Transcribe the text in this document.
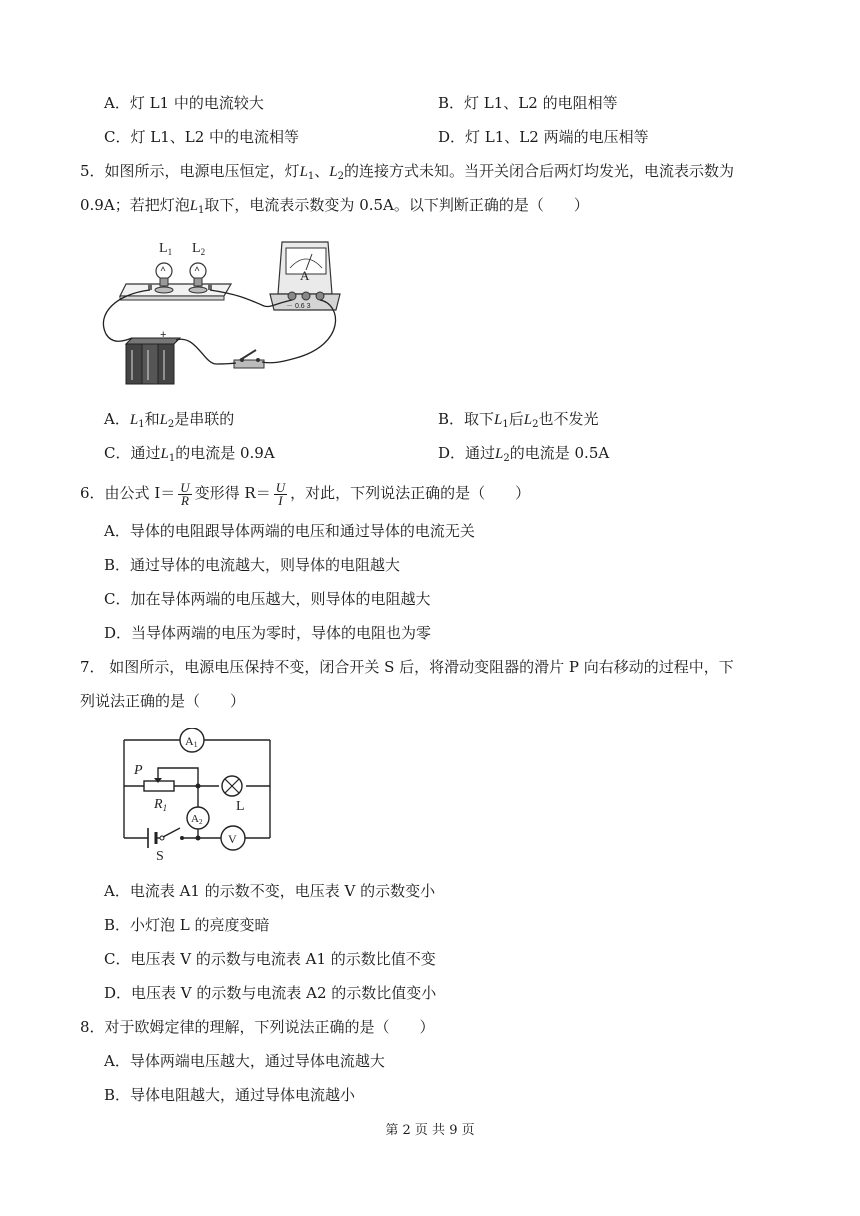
A．灯 L1 中的电流较大	B．灯 L1、L2 的电阻相等
C．灯 L1、L2 中的电流相等	D．灯 L1、L2 两端的电压相等
5．如图所示，电源电压恒定，灯$L_1$、$L_2$的连接方式未知。当开关闭合后两灯均发光，电流表示数为
0.9A；若把灯泡$L_1$取下，电流表示数变为 0.5A。以下判断正确的是（　　）
$L_1$ $L_2$
A
－ 0.6 3
+
A．$L_1$和$L_2$是串联的	B．取下$L_1$后$L_2$也不发光
C．通过$L_1$的电流是 0.9A	D．通过$L_2$的电流是 0.5A
6．由公式 $I= \frac{U}{R}$ 变形得 $R= \frac{U}{I}$ ，对此，下列说法正确的是（　　）
A．导体的电阻跟导体两端的电压和通过导体的电流无关
B．通过导体的电流越大，则导体的电阻越大
C．加在导体两端的电压越大，则导体的电阻越大
D．当导体两端的电压为零时，导体的电阻也为零
7． 如图所示，电源电压保持不变，闭合开关 S 后，将滑动变阻器的滑片 P 向右移动的过程中，下
列说法正确的是（　　）
A1
P
$R_1$	L
A2
V
S
A．电流表 A1 的示数不变，电压表 V 的示数变小
B．小灯泡 L 的亮度变暗
C．电压表 V 的示数与电流表 A1 的示数比值不变
D．电压表 V 的示数与电流表 A2 的示数比值变小
8．对于欧姆定律的理解，下列说法正确的是（　　）
A．导体两端电压越大，通过导体电流越大
B．导体电阻越大，通过导体电流越小
第 2 页 共 9 页
